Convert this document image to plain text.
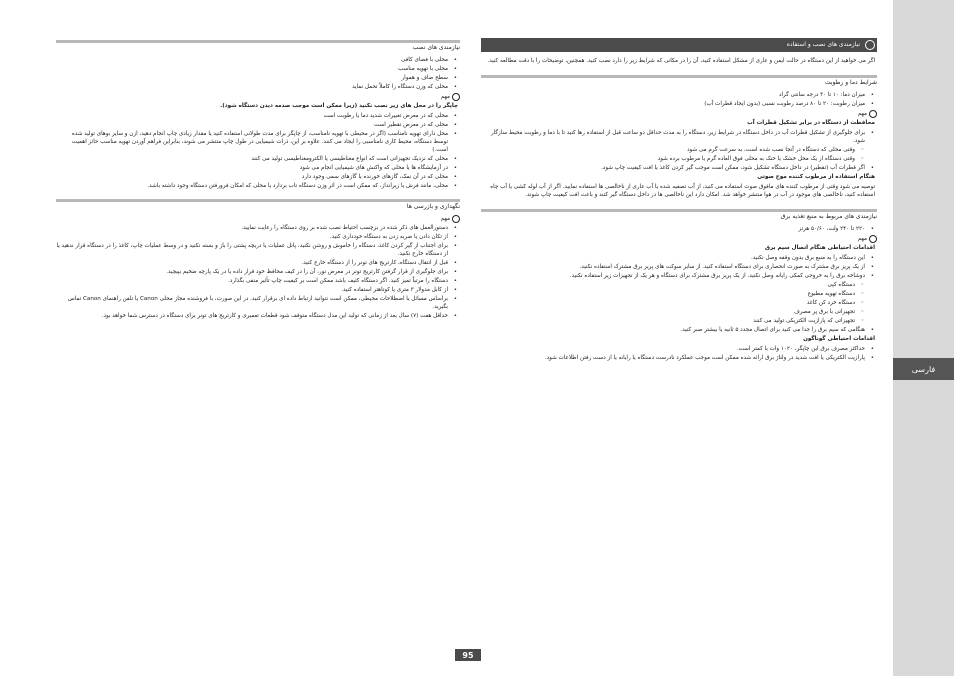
فارسی
نیازمندی های نصب
• محلی با فضای کافی
• محلی با تهویه مناسب
• سطح صاف و هموار
• محلی که وزن دستگاه را کاملاً تحمل نماید
مهم
چاپگر را در محل های زیر نصب نکنید (زیرا ممکن است موجب صدمه دیدن دستگاه شود).
• محلی که در معرض تغییرات شدید دما یا رطوبت است
• محلی که در معرض تقطیر است
• محل دارای تهویه نامناسب (اگر در محیطی با تهویه نامناسب، از چاپگر برای مدت طولانی استفاده کنید یا مقدار زیادی چاپ انجام دهید، ازن و سایر بوهای تولید شده توسط دستگاه، محیط کاری نامناسبی را ایجاد می کنند. علاوه بر این، ذرات شیمیایی در طول چاپ منتشر می شوند، بنابراین فراهم آوردن تهویه مناسب حائز اهمیت است.)
• محلی که نزدیک تجهیزاتی است که انواع مغناطیسی یا الکترومغناطیسی تولید می کنند
• در آزمایشگاه ها یا محلی که واکنش های شیمیایی انجام می شود
• محلی که در آن نمک، گازهای خورنده یا گازهای سمی وجود دارد
• محلی، مانند فرش یا زیرانداز، که ممکن است در اثر وزن دستگاه تاب بردارد یا محلی که امکان فرورفتن دستگاه وجود داشته باشد.
نگهداری و بازرسی ها
مهم
• دستورالعمل های ذکر شده در برچسب احتیاط نصب شده بر روی دستگاه را رعایت نمایید.
• از تکان دادن یا ضربه زدن به دستگاه خودداری کنید.
• برای اجتناب از گیر کردن کاغذ، دستگاه را خاموش و روشن نکنید، پانل عملیات یا دریچه پشتی را باز و بسته نکنید و در وسط عملیات چاپ، کاغذ را در دستگاه قرار ندهید یا از دستگاه خارج نکنید.
• قبل از انتقال دستگاه، کارتریج های تونر را از دستگاه خارج کنید.
• برای جلوگیری از قرار گرفتن کارتریج تونر در معرض نور، آن را در کیف محافظ خود قرار داده یا در یک پارچه ضخیم بپیچید.
• دستگاه را مرتباً تمیز کنید. اگر دستگاه کثیف باشد ممکن است بر کیفیت چاپ تأثیر منفی بگذارد.
• از کابل مدولار ۳ متری یا کوتاهتر استفاده کنید.
• براساس مسائل یا اصطلاحات محیطی، ممکن است نتوانید ارتباط داده ای برقرار کنید. در این صورت، با فروشنده مجاز محلی Canon یا تلفن راهنمای Canon تماس بگیرید.
• حداقل هفت (۷) سال بعد از زمانی که تولید این مدل دستگاه متوقف شود قطعات تعمیری و کارتریج های تونر برای دستگاه در دسترس شما خواهد بود.
نیازمندی های نصب و استفاده
اگر می خواهید از این دستگاه در حالت ایمن و عاری از مشکل استفاده کنید، آن را در مکانی که شرایط زیر را دارد نصب کنید. همچنین، توضیحات را با دقت مطالعه کنید.
شرایط دما و رطوبت
• میزان دما: ۱۰ تا ۳۰ درجه سانتی گراد
• میزان رطوبت: ۲۰ تا ۸۰ درصد رطوبت نسبی (بدون ایجاد قطرات آب)
مهم
محافظت از دستگاه در برابر تشکیل قطرات آب
• برای جلوگیری از تشکیل قطرات آب در داخل دستگاه در شرایط زیر، دستگاه را به مدت حداقل دو ساعت قبل از استفاده رها کنید تا با دما و رطوبت محیط سازگار شود.
◦ وقتی محلی که دستگاه در آنجا نصب شده است، به سرعت گرم می شود
◦ وقتی دستگاه از یک محل خشک یا خنک به محلی فوق العاده گرم یا مرطوب برده شود
• اگر قطرات آب (تقطیر) در داخل دستگاه تشکیل شود، ممکن است موجب گیر کردن کاغذ یا افت کیفیت چاپ شود.
هنگام استفاده از مرطوب کننده موج صوتی
توصیه می شود وقتی از مرطوب کننده های مافوق صوت استفاده می کنید، از آب تصفیه شده یا آب عاری از ناخالصی ها استفاده نمایید. اگر از آب لوله کشی یا آب چاه استفاده کنید، ناخالصی های موجود در آب در هوا منتشر خواهد شد. امکان دارد این ناخالصی ها در داخل دستگاه گیر کنند و باعث افت کیفیت چاپ شوند.
نیازمندی های مربوط به منبع تغذیه برق
• ۲۲۰ تا ۲۴۰ ولت، ۵۰/۶۰ هرتز
مهم
اقدامات احتیاطی هنگام اتصال سیم برق
• این دستگاه را به منبع برق بدون وقفه وصل نکنید.
• از یک پریز برق مشترک به صورت انحصاری برای دستگاه استفاده کنید. از سایر سوکت های پریز برق مشترک استفاده نکنید.
• دوشاخه برق را به خروجی کمکی رایانه وصل نکنید. از یک پریز برق مشترک برای دستگاه و هر یک از تجهیزات زیر استفاده نکنید.
◦ دستگاه کپی
◦ دستگاه تهویه مطبوع
◦ دستگاه خرد کن کاغذ
◦ تجهیزاتی با برق پر مصرف
◦ تجهیزاتی که پارازیت الکتریکی تولید می کنند
• هنگامی که سیم برق را جدا می کنید برای اتصال مجدد ۵ ثانیه یا بیشتر صبر کنید.
اقدامات احتیاطی گوناگون
• حداکثر مصرف برق این چاپگر، ۱۰۲۰ وات یا کمتر است.
• پارازیت الکتریکی یا افت شدید در ولتاژ برق ارائه شده ممکن است موجب عملکرد نادرست دستگاه یا رایانه یا از دست رفتن اطلاعات شود.
95
